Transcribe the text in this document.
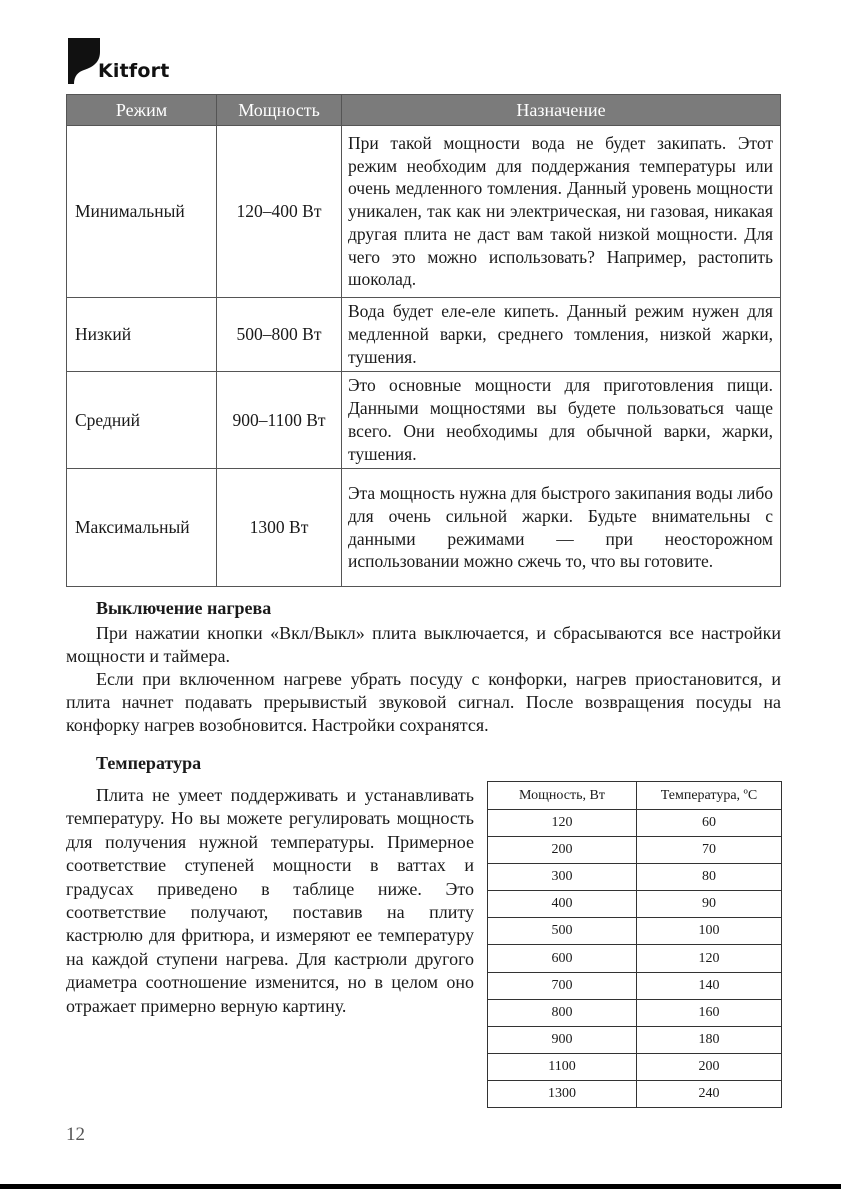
Kitfort
Режим	Мощность	Назначение
Минимальный	120–400 Вт	При такой мощности вода не будет закипать. Этот режим необходим для поддержания температуры или очень медленного томления. Данный уровень мощности уникален, так как ни электрическая, ни газовая, никакая другая плита не даст вам такой низкой мощности. Для чего это можно использовать? Например, растопить шоколад.
Низкий	500–800 Вт	Вода будет еле-еле кипеть. Данный режим нужен для медленной варки, среднего томления, низкой жарки, тушения.
Средний	900–1100 Вт	Это основные мощности для приготовления пищи. Данными мощностями вы будете пользоваться чаще всего. Они необходимы для обычной варки, жарки, тушения.
Максимальный	1300 Вт	Эта мощность нужна для быстрого закипания воды либо для очень сильной жарки. Будьте внимательны с данными режимами — при неосторожном использовании можно сжечь то, что вы готовите.
Выключение нагрева

При нажатии кнопки «Вкл/Выкл» плита выключается, и сбрасываются все настройки мощности и таймера.

Если при включенном нагреве убрать посуду с конфорки, нагрев приостановится, и плита начнет подавать прерывистый звуковой сигнал. После возвращения посуды на конфорку нагрев возобновится. Настройки сохранятся.

Температура

Плита не умеет поддерживать и устанавливать температуру. Но вы можете регулировать мощность для получения нужной температуры. Примерное соответствие ступеней мощности в ваттах и градусах приведено в таблице ниже. Это соответствие получают, поставив на плиту кастрюлю для фритюра, и измеряют ее температуру на каждой ступени нагрева. Для кастрюли другого диаметра соотношение изменится, но в целом оно отражает примерно верную картину.

Мощность, Вт	Температура, ºС
120	60
200	70
300	80
400	90
500	100
600	120
700	140
800	160
900	180
1100	200
1300	240
12
